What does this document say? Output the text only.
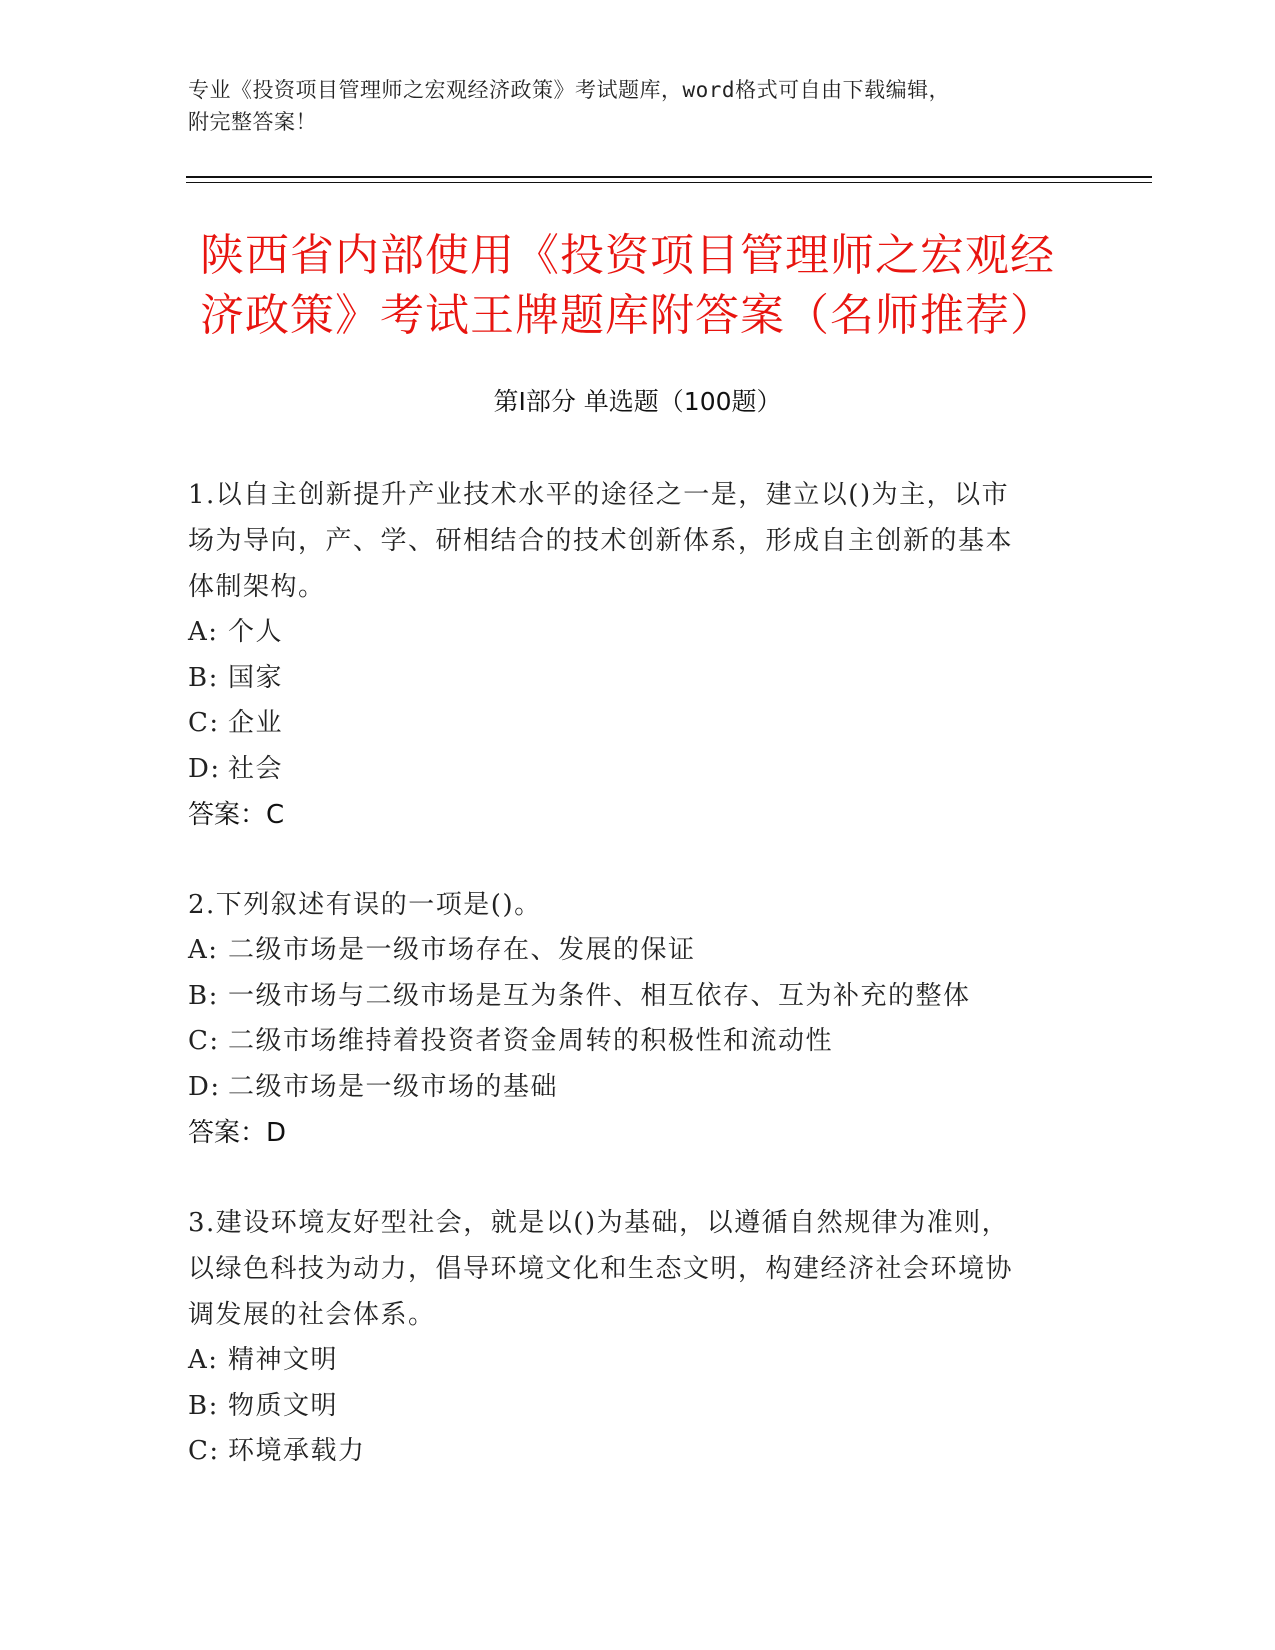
专业《投资项目管理师之宏观经济政策》考试题库，word格式可自由下载编辑，
附完整答案！
陕西省内部使用《投资项目管理师之宏观经
济政策》考试王牌题库附答案（名师推荐）
第Ⅰ部分 单选题（100题）
1.以自主创新提升产业技术水平的途径之一是，建立以()为主，以市
场为导向，产、学、研相结合的技术创新体系，形成自主创新的基本
体制架构。
A: 个人
B: 国家
C: 企业
D: 社会
答案：C
2.下列叙述有误的一项是()。
A: 二级市场是一级市场存在、发展的保证
B: 一级市场与二级市场是互为条件、相互依存、互为补充的整体
C: 二级市场维持着投资者资金周转的积极性和流动性
D: 二级市场是一级市场的基础
答案：D
3.建设环境友好型社会，就是以()为基础，以遵循自然规律为准则，
以绿色科技为动力，倡导环境文化和生态文明，构建经济社会环境协
调发展的社会体系。
A: 精神文明
B: 物质文明
C: 环境承载力
